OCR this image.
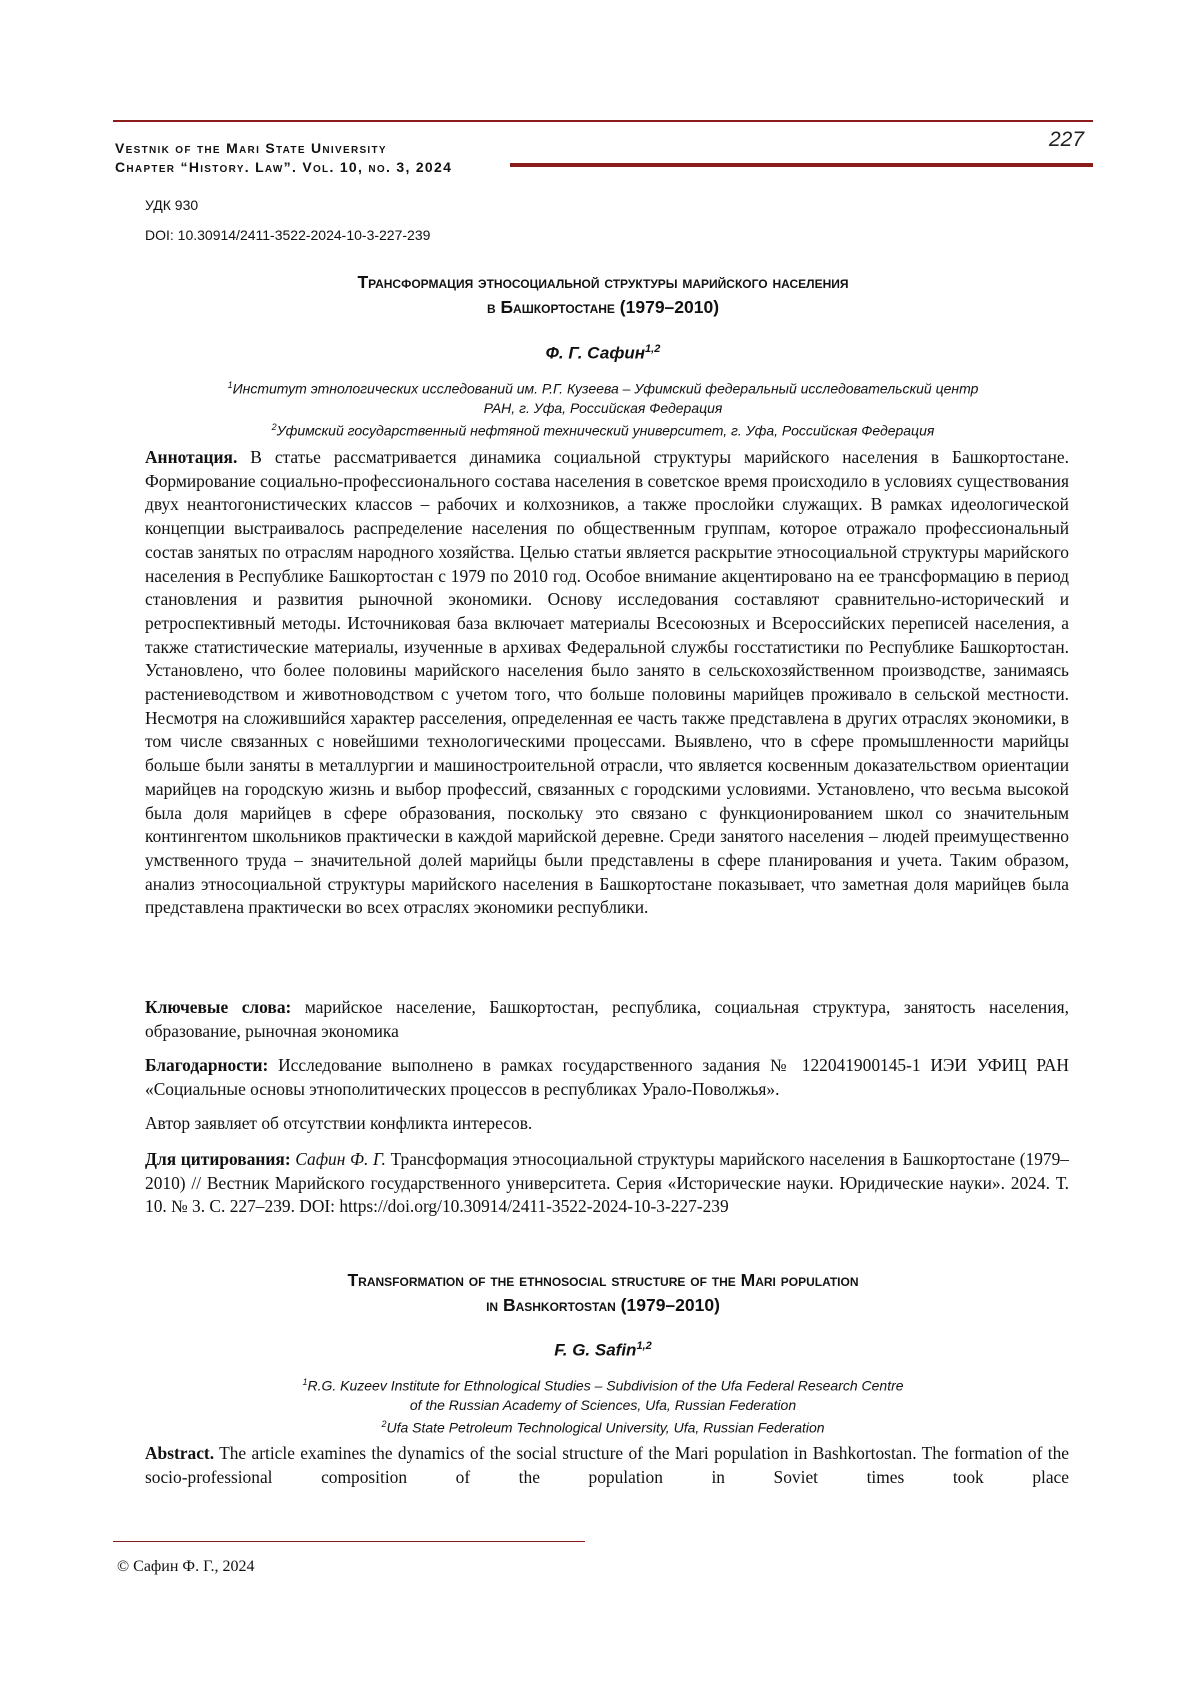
Vestnik of the Mari State University
Chapter “History. Law”. Vol. 10, no. 3, 2024
227
УДК 930
DOI: 10.30914/2411-3522-2024-10-3-227-239
Трансформация этносоциальной структуры марийского населения
в Башкортостане (1979–2010)
Ф. Г. Сафин$^{1,2}$
$^1$Институт этнологических исследований им. Р.Г. Кузеева – Уфимский федеральный исследовательский центр
РАН, г. Уфа, Российская Федерация
$^2$Уфимский государственный нефтяной технический университет, г. Уфа, Российская Федерация
Аннотация. В статье рассматривается динамика социальной структуры марийского населения в Башкортостане. Формирование социально-профессионального состава населения в советское время происходило в условиях существования двух неантогонистических классов – рабочих и колхозников, а также прослойки служащих. В рамках идеологической концепции выстраивалось распределение населения по общественным группам, которое отражало профессиональный состав занятых по отраслям народного хозяйства. Целью статьи является раскрытие этносоциальной структуры марийского населения в Республике Башкортостан с 1979 по 2010 год. Особое внимание акцентировано на ее трансформацию в период становления и развития рыночной экономики. Основу исследования составляют сравнительно-исторический и ретроспективный методы. Источниковая база включает материалы Всесоюзных и Всероссийских переписей населения, а также статистические материалы, изученные в архивах Федеральной службы госстатистики по Республике Башкортостан. Установлено, что более половины марийского населения было занято в сельскохозяйственном производстве, занимаясь растениеводством и животноводством с учетом того, что больше половины марийцев проживало в сельской местности. Несмотря на сложившийся характер расселения, определенная ее часть также представлена в других отраслях экономики, в том числе связанных с новейшими технологическими процессами. Выявлено, что в сфере промышленности марийцы больше были заняты в металлургии и машиностроительной отрасли, что является косвенным доказательством ориентации марийцев на городскую жизнь и выбор профессий, связанных с городскими условиями. Установлено, что весьма высокой была доля марийцев в сфере образования, поскольку это связано с функционированием школ со значительным контингентом школьников практически в каждой марийской деревне. Среди занятого населения – людей преимущественно умственного труда – значительной долей марийцы были представлены в сфере планирования и учета. Таким образом, анализ этносоциальной структуры марийского населения в Башкортостане показывает, что заметная доля марийцев была представлена практически во всех отраслях экономики республики.
Ключевые слова: марийское население, Башкортостан, республика, социальная структура, занятость населения, образование, рыночная экономика
Благодарности: Исследование выполнено в рамках государственного задания № 122041900145-1 ИЭИ УФИЦ РАН «Социальные основы этнополитических процессов в республиках Урало-Поволжья».
Автор заявляет об отсутствии конфликта интересов.
Для цитирования: Сафин Ф. Г. Трансформация этносоциальной структуры марийского населения в Башкортостане (1979–2010) // Вестник Марийского государственного университета. Серия «Исторические науки. Юридические науки». 2024. Т. 10. № 3. С. 227–239. DOI: https://doi.org/10.30914/2411-3522-2024-10-3-227-239
Transformation of the ethnosocial structure of the Mari population
in Bashkortostan (1979–2010)
F. G. Safin$^{1,2}$
$^1$R.G. Kuzeev Institute for Ethnological Studies – Subdivision of the Ufa Federal Research Centre
of the Russian Academy of Sciences, Ufa, Russian Federation
$^2$Ufa State Petroleum Technological University, Ufa, Russian Federation
Abstract. The article examines the dynamics of the social structure of the Mari population in Bashkortostan. The formation of the socio-professional composition of the population in Soviet times took place
© Сафин Ф. Г., 2024
